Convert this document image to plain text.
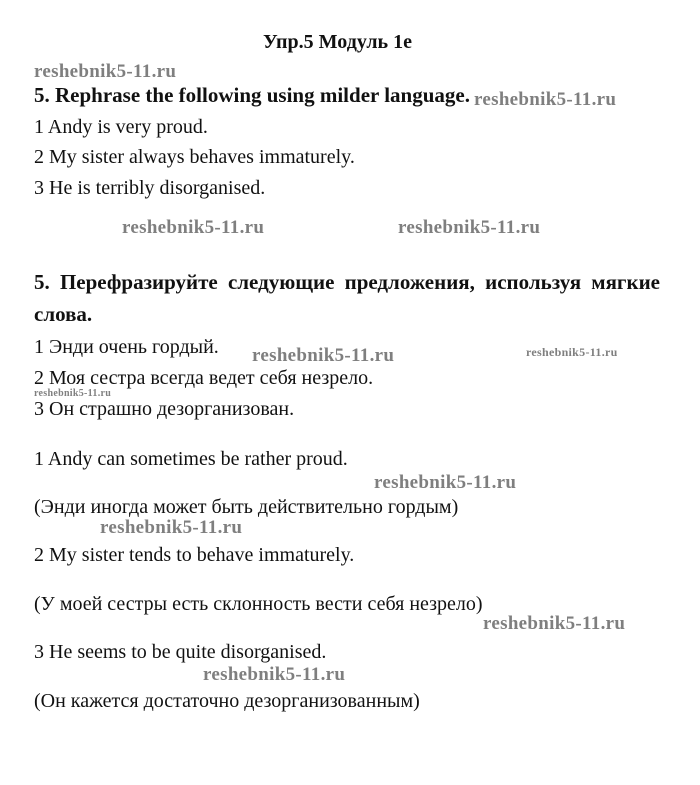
Упр.5 Модуль 1е
5. Rephrase the following using milder language.
1 Andy is very proud.
2 My sister always behaves immaturely.
3 He is terribly disorganised.
5. Перефразируйте следующие предложения, используя мягкие
слова.
1 Энди очень гордый.
2 Моя сестра всегда ведет себя незрело.
3 Он страшно дезорганизован.
1 Andy can sometimes be rather proud.
(Энди иногда может быть действительно гордым)
2 My sister tends to behave immaturely.
(У моей сестры есть склонность вести себя незрело)
3 He seems to be quite disorganised.
(Он кажется достаточно дезорганизованным)
reshebnik5-11.ru
reshebnik5-11.ru
reshebnik5-11.ru	reshebnik5-11.ru
reshebnik5-11.ru	reshebnik5-11.ru
reshebnik5-11.ru
reshebnik5-11.ru
reshebnik5-11.ru
reshebnik5-11.ru
reshebnik5-11.ru
